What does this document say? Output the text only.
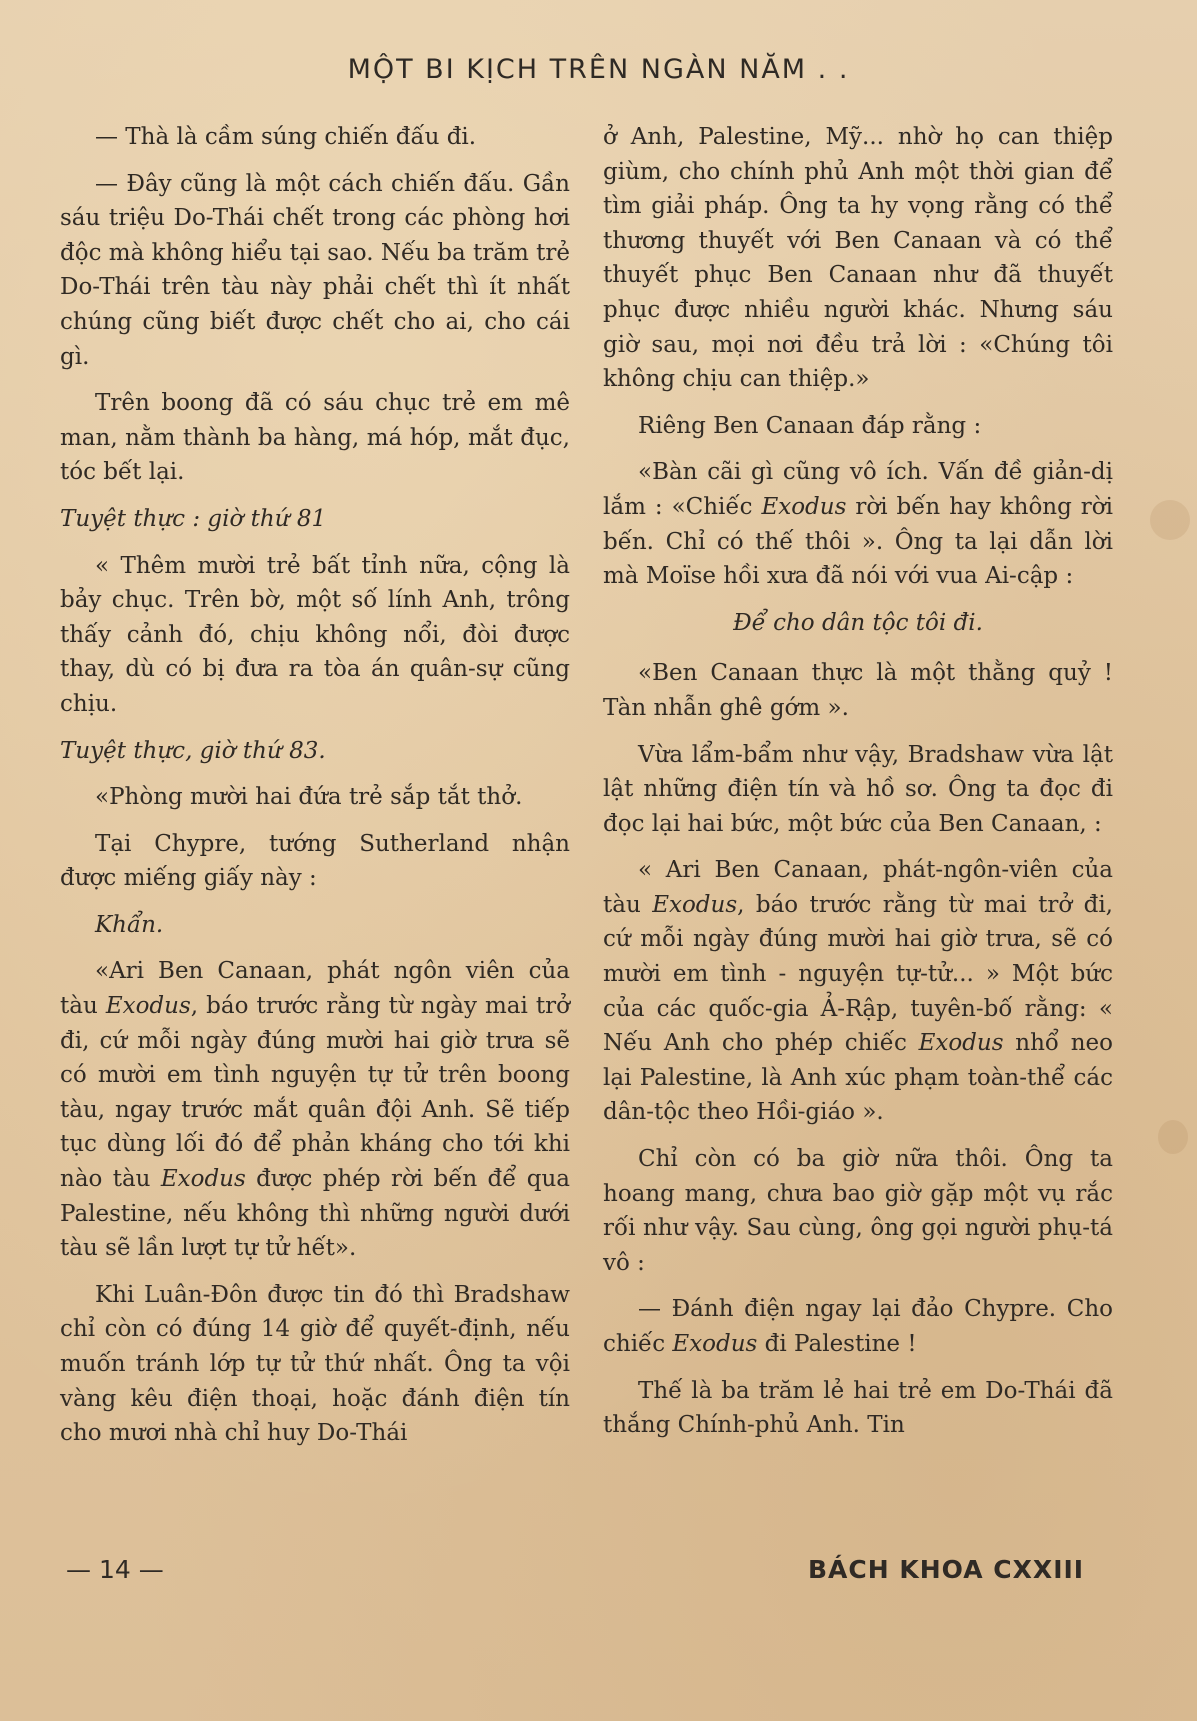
MỘT BI KỊCH TRÊN NGÀN NĂM . .

— Thà là cầm súng chiến đấu đi.

— Đây cũng là một cách chiến đấu. Gần sáu triệu Do-Thái chết trong các phòng hơi độc mà không hiểu tại sao. Nếu ba trăm trẻ Do-Thái trên tàu này phải chết thì ít nhất chúng cũng biết được chết cho ai, cho cái gì.

Trên boong đã có sáu chục trẻ em mê man, nằm thành ba hàng, má hóp, mắt đục, tóc bết lại.

Tuyệt thực : giờ thứ 81

« Thêm mười trẻ bất tỉnh nữa, cộng là bảy chục. Trên bờ, một số lính Anh, trông thấy cảnh đó, chịu không nổi, đòi được thay, dù có bị đưa ra tòa án quân-sự cũng chịu.

Tuyệt thực, giờ thứ 83.

«Phòng mười hai đứa trẻ sắp tắt thở.

Tại Chypre, tướng Sutherland nhận được miếng giấy này :

Khẩn.

«Ari Ben Canaan, phát ngôn viên của tàu Exodus, báo trước rằng từ ngày mai trở đi, cứ mỗi ngày đúng mười hai giờ trưa sẽ có mười em tình nguyện tự tử trên boong tàu, ngay trước mắt quân đội Anh. Sẽ tiếp tục dùng lối đó để phản kháng cho tới khi nào tàu Exodus được phép rời bến để qua Palestine, nếu không thì những người dưới tàu sẽ lần lượt tự tử hết».

Khi Luân-Đôn được tin đó thì Bradshaw chỉ còn có đúng 14 giờ để quyết-định, nếu muốn tránh lớp tự tử thứ nhất. Ông ta vội vàng kêu điện thoại, hoặc đánh điện tín cho mươi nhà chỉ huy Do-Thái

ở Anh, Palestine, Mỹ... nhờ họ can thiệp giùm, cho chính phủ Anh một thời gian để tìm giải pháp. Ông ta hy vọng rằng có thể thương thuyết với Ben Canaan và có thể thuyết phục Ben Canaan như đã thuyết phục được nhiều người khác. Nhưng sáu giờ sau, mọi nơi đều trả lời : «Chúng tôi không chịu can thiệp.»

Riêng Ben Canaan đáp rằng :

«Bàn cãi gì cũng vô ích. Vấn đề giản-dị lắm : «Chiếc Exodus rời bến hay không rời bến. Chỉ có thế thôi ». Ông ta lại dẫn lời mà Moïse hồi xưa đã nói với vua Ai-cập :

Để cho dân tộc tôi đi.

«Ben Canaan thực là một thằng quỷ ! Tàn nhẫn ghê gớm ».

Vừa lẩm-bẩm như vậy, Bradshaw vừa lật lật những điện tín và hồ sơ. Ông ta đọc đi đọc lại hai bức, một bức của Ben Canaan, :

« Ari Ben Canaan, phát-ngôn-viên của tàu Exodus, báo trước rằng từ mai trở đi, cứ mỗi ngày đúng mười hai giờ trưa, sẽ có mười em tình - nguyện tự-tử... » Một bức của các quốc-gia Ả-Rập, tuyên-bố rằng: « Nếu Anh cho phép chiếc Exodus nhổ neo lại Palestine, là Anh xúc phạm toàn-thể các dân-tộc theo Hồi-giáo ».

Chỉ còn có ba giờ nữa thôi. Ông ta hoang mang, chưa bao giờ gặp một vụ rắc rối như vậy. Sau cùng, ông gọi người phụ-tá vô :

— Đánh điện ngay lại đảo Chypre. Cho chiếc Exodus đi Palestine !

Thế là ba trăm lẻ hai trẻ em Do-Thái đã thắng Chính-phủ Anh. Tin

— 14 —	BÁCH KHOA CXXIII
